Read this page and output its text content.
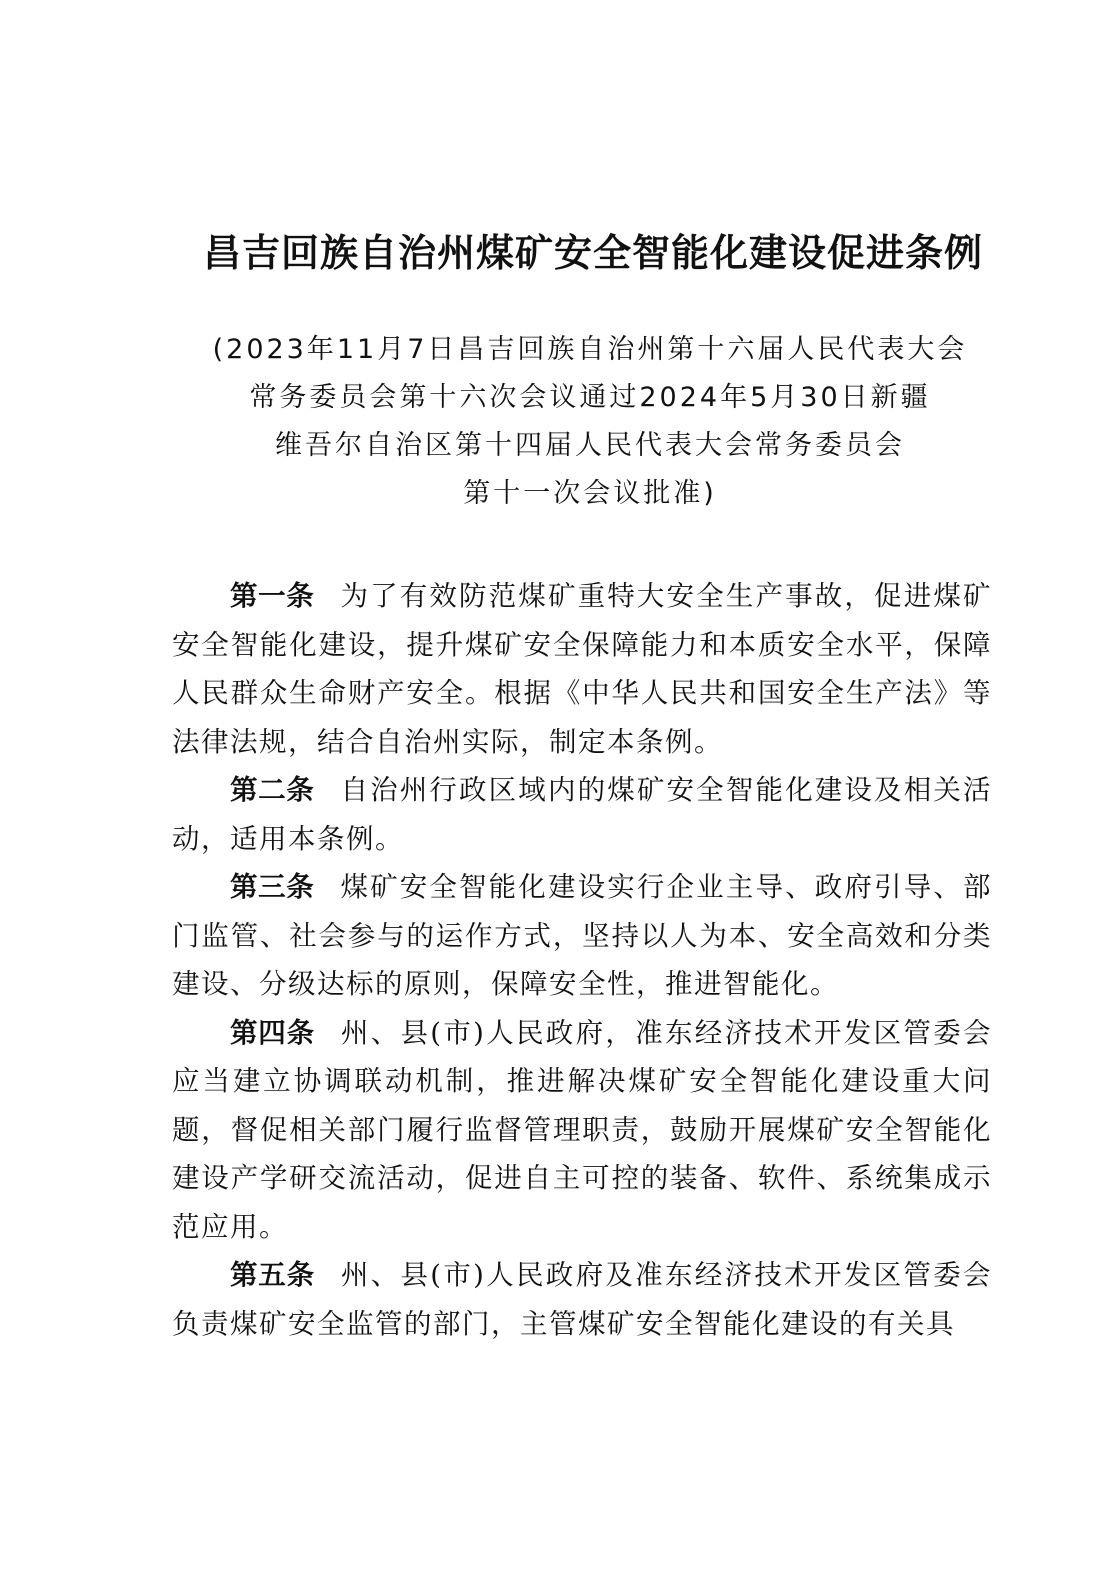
昌吉回族自治州煤矿安全智能化建设促进条例
(2023年11月7日昌吉回族自治州第十六届人民代表大会
常务委员会第十六次会议通过2024年5月30日新疆
维吾尔自治区第十四届人民代表大会常务委员会
第十一次会议批准)

第一条 为了有效防范煤矿重特大安全生产事故，促进煤矿安全智能化建设，提升煤矿安全保障能力和本质安全水平，保障人民群众生命财产安全。根据《中华人民共和国安全生产法》等法律法规，结合自治州实际，制定本条例。

第二条 自治州行政区域内的煤矿安全智能化建设及相关活动，适用本条例。

第三条 煤矿安全智能化建设实行企业主导、政府引导、部门监管、社会参与的运作方式，坚持以人为本、安全高效和分类建设、分级达标的原则，保障安全性，推进智能化。

第四条 州、县(市)人民政府，准东经济技术开发区管委会应当建立协调联动机制，推进解决煤矿安全智能化建设重大问题，督促相关部门履行监督管理职责，鼓励开展煤矿安全智能化建设产学研交流活动，促进自主可控的装备、软件、系统集成示范应用。

第五条 州、县(市)人民政府及准东经济技术开发区管委会负责煤矿安全监管的部门，主管煤矿安全智能化建设的有关具
